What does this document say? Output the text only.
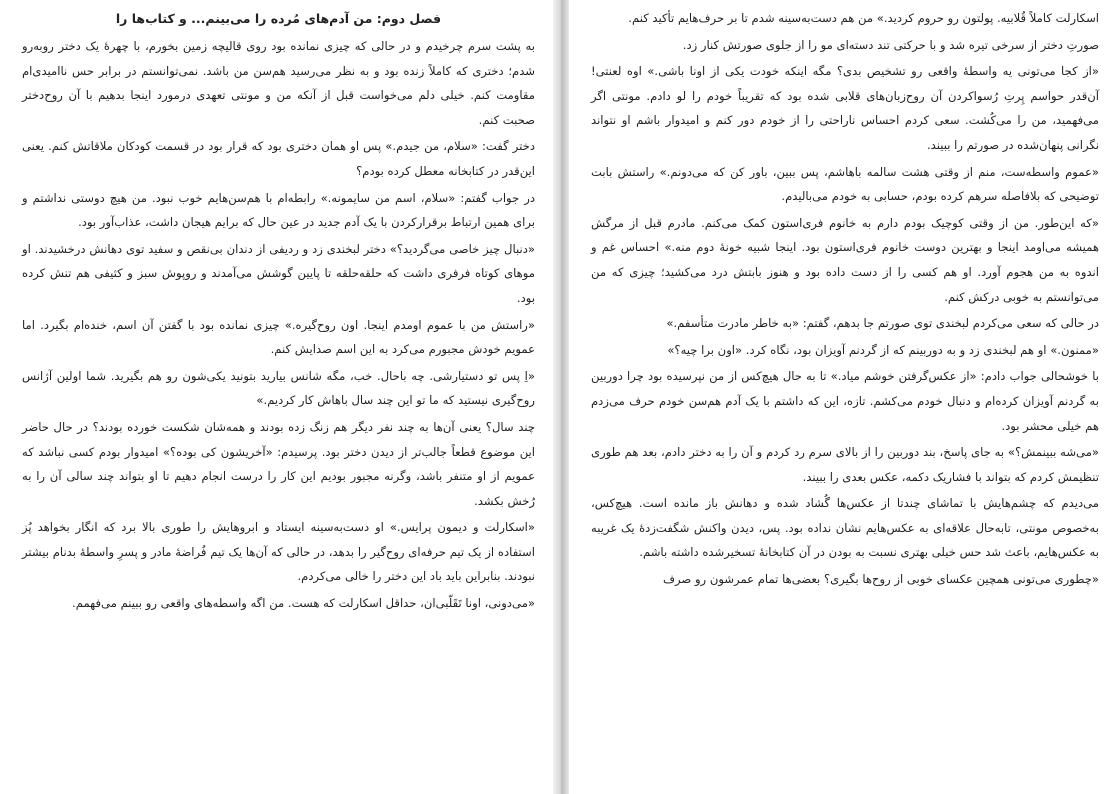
فصل دوم: من آدم‌های مُرده را می‌بینم... و کتاب‌ها را

به پشت سرم چرخیدم و در حالی که چیزی نمانده بود روی قالیچه زمین بخورم، با چهرهٔ یک دختر روبه‌رو شدم؛ دختری که کاملاً زنده بود و به نظر می‌رسید هم‌سن من باشد. نمی‌توانستم در برابر حس ناامیدی‌ام مقاومت کنم. خیلی دلم می‌خواست قبل از آنکه من و مونتی تعهدی درمورد اینجا بدهیم با آن روح‌دختر صحبت کنم.

دختر گفت: «سلام، من جیدم.» پس او همان دختری بود که قرار بود در قسمت کودکان ملاقاتش کنم. یعنی این‌قدر در کتابخانه معطل کرده بودم؟

در جواب گفتم: «سلام، اسم من سایمونه.» رابطه‌ام با هم‌سن‌هایم خوب نبود. من هیچ دوستی نداشتم و برای همین ارتباط برقرارکردن با یک آدم جدید در عین حال که برایم هیجان داشت، عذاب‌آور بود.

«دنبال چیز خاصی می‌گردید؟» دختر لبخندی زد و ردیفی از دندان بی‌نقص و سفید توی دهانش درخشیدند. او موهای کوتاه فرفری داشت که حلقه‌حلقه تا پایین گوشش می‌آمدند و روپوش سبز و کثیفی هم تنش کرده بود.

«راستش من با عموم اومدم اینجا. اون روح‌گیره.» چیزی نمانده بود با گفتن آن اسم، خنده‌ام بگیرد. اما عمویم خودش مجبورم می‌کرد به این اسم صدایش کنم.

«اِ پس تو دستیارشی. چه باحال. خب، مگه شانس بیارید بتونید یکی‌شون رو هم بگیرید. شما اولین آژانس روح‌گیری نیستید که ما تو این چند سال باهاش کار کردیم.»

چند سال؟ یعنی آن‌ها به چند نفر دیگر هم زنگ زده بودند و همه‌شان شکست خورده بودند؟ در حال حاضر این موضوع قطعاً جالب‌تر از دیدن دختر بود. پرسیدم: «آخریشون کی بوده؟» امیدوار بودم کسی نباشد که عمویم از او متنفر باشد، وگرنه مجبور بودیم این کار را درست انجام دهیم تا او بتواند چند سالی آن را به رُخش بکشد.

«اسکارلت و دیمون پرایس.» او دست‌به‌سینه ایستاد و ابروهایش را طوری بالا برد که انگار بخواهد پُز استفاده از یک تیم حرفه‌ای روح‌گیر را بدهد، در حالی که آن‌ها یک تیم فُراضهٔ مادر و پسرِ واسطهٔ بدنام بیشتر نبودند. بنابراین باید باد این دختر را خالی می‌کردم.

«می‌دونی، اونا تَقَلّبی‌ان، حداقل اسکارلت که هست. من اگه واسطه‌های واقعی رو ببینم می‌فهمم.

اسکارلت کاملاً قُلابیه. پولتون رو حروم کردید.» من هم دست‌به‌سینه شدم تا بر حرف‌هایم تأکید کنم.

صورتِ دختر از سرخی تیره شد و با حرکتی تند دسته‌ای مو را از جلوی صورتش کنار زد.

«از کجا می‌تونی یه واسطهٔ واقعی رو تشخیص بدی؟ مگه اینکه خودت یکی از اونا باشی.» اوه لعنتی! آن‌قدر حواسم پِرتِ رُسواکردن آن روح‌زبان‌های قلابی شده بود که تقریباً خودم را لو دادم. مونتی اگر می‌فهمید، من را می‌کُشت. سعی کردم احساس ناراحتی را از خودم دور کنم و امیدوار باشم او نتواند نگرانی پنهان‌شده در صورتم را ببیند.

«عموم واسطه‌ست، منم از وقتی هشت سالمه باهاشم، پس ببین، باور کن که می‌دونم.» راستش بابت توضیحی که بلافاصله سرهم کرده بودم، حسابی به خودم می‌بالیدم.

«که این‌طور. من از وقتی کوچیک بودم دارم به خانوم فری‌استون کمک می‌کنم. مادرم قبل از مرگش همیشه می‌اومد اینجا و بهترین دوست خانوم فری‌استون بود. اینجا شبیه خونهٔ دوم منه.» احساس غم و اندوه به من هجوم آورد. او هم کسی را از دست داده بود و هنوز بابتش درد می‌کشید؛ چیزی که من می‌توانستم به خوبی درکش کنم.

در حالی که سعی می‌کردم لبخندی توی صورتم جا بدهم، گفتم: «به خاطر مادرت متأسفم.»

«ممنون.» او هم لبخندی زد و به دوربینم که از گردنم آویزان بود، نگاه کرد. «اون برا چیه؟»

با خوشحالی جواب دادم: «از عکس‌گرفتن خوشم میاد.» تا به حال هیچ‌کس از من نپرسیده بود چرا دوربین به گردنم آویزان کرده‌ام و دنبال خودم می‌کشم. تازه، این که داشتم با یک آدم هم‌سن خودم حرف می‌زدم هم خیلی محشر بود.

«می‌شه ببینمش؟» به جای پاسخ، بند دوربین را از بالای سرم رد کردم و آن را به دختر دادم، بعد هم طوری تنظیمش کردم که بتواند با فشاریک دکمه، عکس بعدی را ببیند.

می‌دیدم که چشم‌هایش با تماشای چندتا از عکس‌ها گُشاد شده و دهانش باز مانده است. هیچ‌کس، به‌خصوص مونتی، تابه‌حال علاقه‌ای به عکس‌هایم نشان نداده بود. پس، دیدن واکنش شگفت‌زدهٔ یک غریبه به عکس‌هایم، باعث شد حس خیلی بهتری نسبت به بودن در آن کتابخانهٔ تسخیرشده داشته باشم.

«چطوری می‌تونی همچین عکسای خوبی از روح‌ها بگیری؟ بعضی‌ها تمام عمرشون رو صرف
